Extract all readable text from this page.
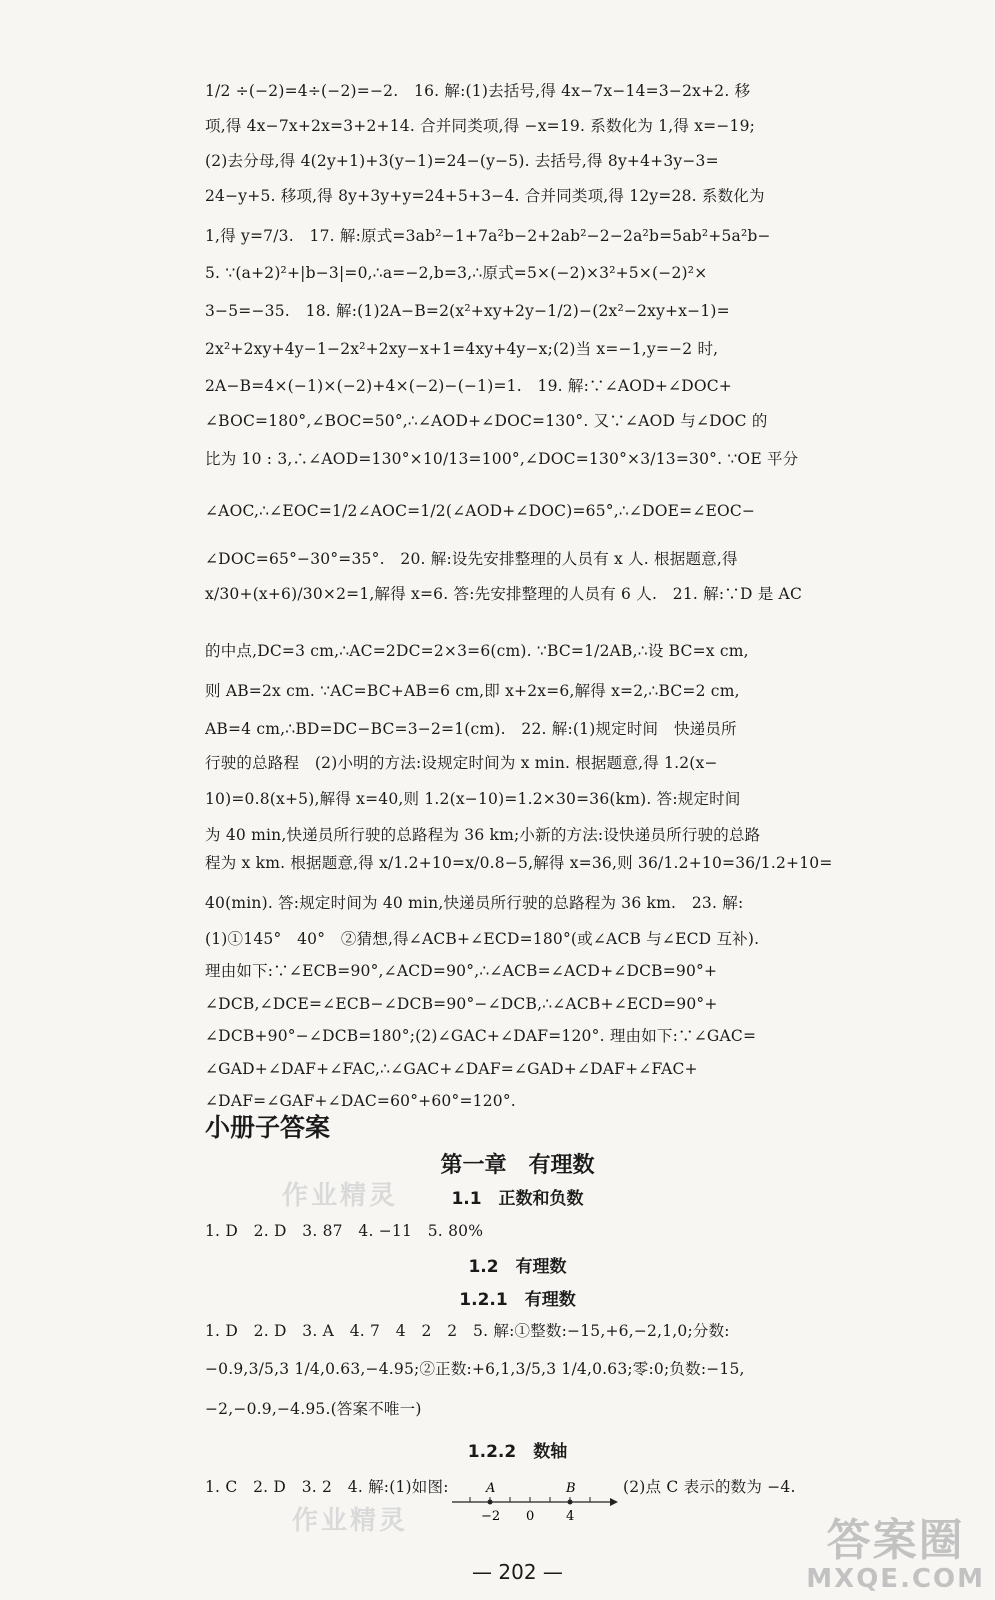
1/2 ÷(−2)=4÷(−2)=−2.　16. 解:(1)去括号,得 4x−7x−14=3−2x+2. 移
项,得 4x−7x+2x=3+2+14. 合并同类项,得 −x=19. 系数化为 1,得 x=−19;
(2)去分母,得 4(2y+1)+3(y−1)=24−(y−5). 去括号,得 8y+4+3y−3=
24−y+5. 移项,得 8y+3y+y=24+5+3−4. 合并同类项,得 12y=28. 系数化为
1,得 y=7/3.　17. 解:原式=3ab²−1+7a²b−2+2ab²−2−2a²b=5ab²+5a²b−
5. ∵(a+2)²+|b−3|=0,∴a=−2,b=3,∴原式=5×(−2)×3²+5×(−2)²×
3−5=−35.　18. 解:(1)2A−B=2(x²+xy+2y−1/2)−(2x²−2xy+x−1)=
2x²+2xy+4y−1−2x²+2xy−x+1=4xy+4y−x;(2)当 x=−1,y=−2 时,
2A−B=4×(−1)×(−2)+4×(−2)−(−1)=1.　19. 解:∵∠AOD+∠DOC+
∠BOC=180°,∠BOC=50°,∴∠AOD+∠DOC=130°. 又∵∠AOD 与∠DOC 的
比为 10 : 3,∴∠AOD=130°×10/13=100°,∠DOC=130°×3/13=30°. ∵OE 平分
∠AOC,∴∠EOC=1/2∠AOC=1/2(∠AOD+∠DOC)=65°,∴∠DOE=∠EOC−
∠DOC=65°−30°=35°.　20. 解:设先安排整理的人员有 x 人. 根据题意,得
x/30+(x+6)/30×2=1,解得 x=6. 答:先安排整理的人员有 6 人.　21. 解:∵D 是 AC
的中点,DC=3 cm,∴AC=2DC=2×3=6(cm). ∵BC=1/2AB,∴设 BC=x cm,
则 AB=2x cm. ∵AC=BC+AB=6 cm,即 x+2x=6,解得 x=2,∴BC=2 cm,
AB=4 cm,∴BD=DC−BC=3−2=1(cm).　22. 解:(1)规定时间　快递员所
行驶的总路程　(2)小明的方法:设规定时间为 x min. 根据题意,得 1.2(x−
10)=0.8(x+5),解得 x=40,则 1.2(x−10)=1.2×30=36(km). 答:规定时间
为 40 min,快递员所行驶的总路程为 36 km;小新的方法:设快递员所行驶的总路
程为 x km. 根据题意,得 x/1.2+10=x/0.8−5,解得 x=36,则 36/1.2+10=36/1.2+10=
40(min). 答:规定时间为 40 min,快递员所行驶的总路程为 36 km.　23. 解:
(1)①145°　40°　②猜想,得∠ACB+∠ECD=180°(或∠ACB 与∠ECD 互补).
理由如下:∵∠ECB=90°,∠ACD=90°,∴∠ACB=∠ACD+∠DCB=90°+
∠DCB,∠DCE=∠ECB−∠DCB=90°−∠DCB,∴∠ACB+∠ECD=90°+
∠DCB+90°−∠DCB=180°;(2)∠GAC+∠DAF=120°. 理由如下:∵∠GAC=
∠GAD+∠DAF+∠FAC,∴∠GAC+∠DAF=∠GAD+∠DAF+∠FAC+
∠DAF=∠GAF+∠DAC=60°+60°=120°.
小册子答案
第一章　有理数
1.1　正数和负数
1. D　2. D　3. 87　4. −11　5. 80%
1.2　有理数
1.2.1　有理数
1. D　2. D　3. A　4. 7　4　2　2　5. 解:①整数:−15,+6,−2,1,0;分数:
−0.9,3/5,3 1/4,0.63,−4.95;②正数:+6,1,3/5,3 1/4,0.63;零:0;负数:−15,
−2,−0.9,−4.95.(答案不唯一)
1.2.2　数轴
1. C　2. D　3. 2　4. 解:(1)如图:	(2)点 C 表示的数为 −4.
A	B
−2 0 4
— 202 —
作业精灵
作业精灵	答案圈
MXQE.COM
